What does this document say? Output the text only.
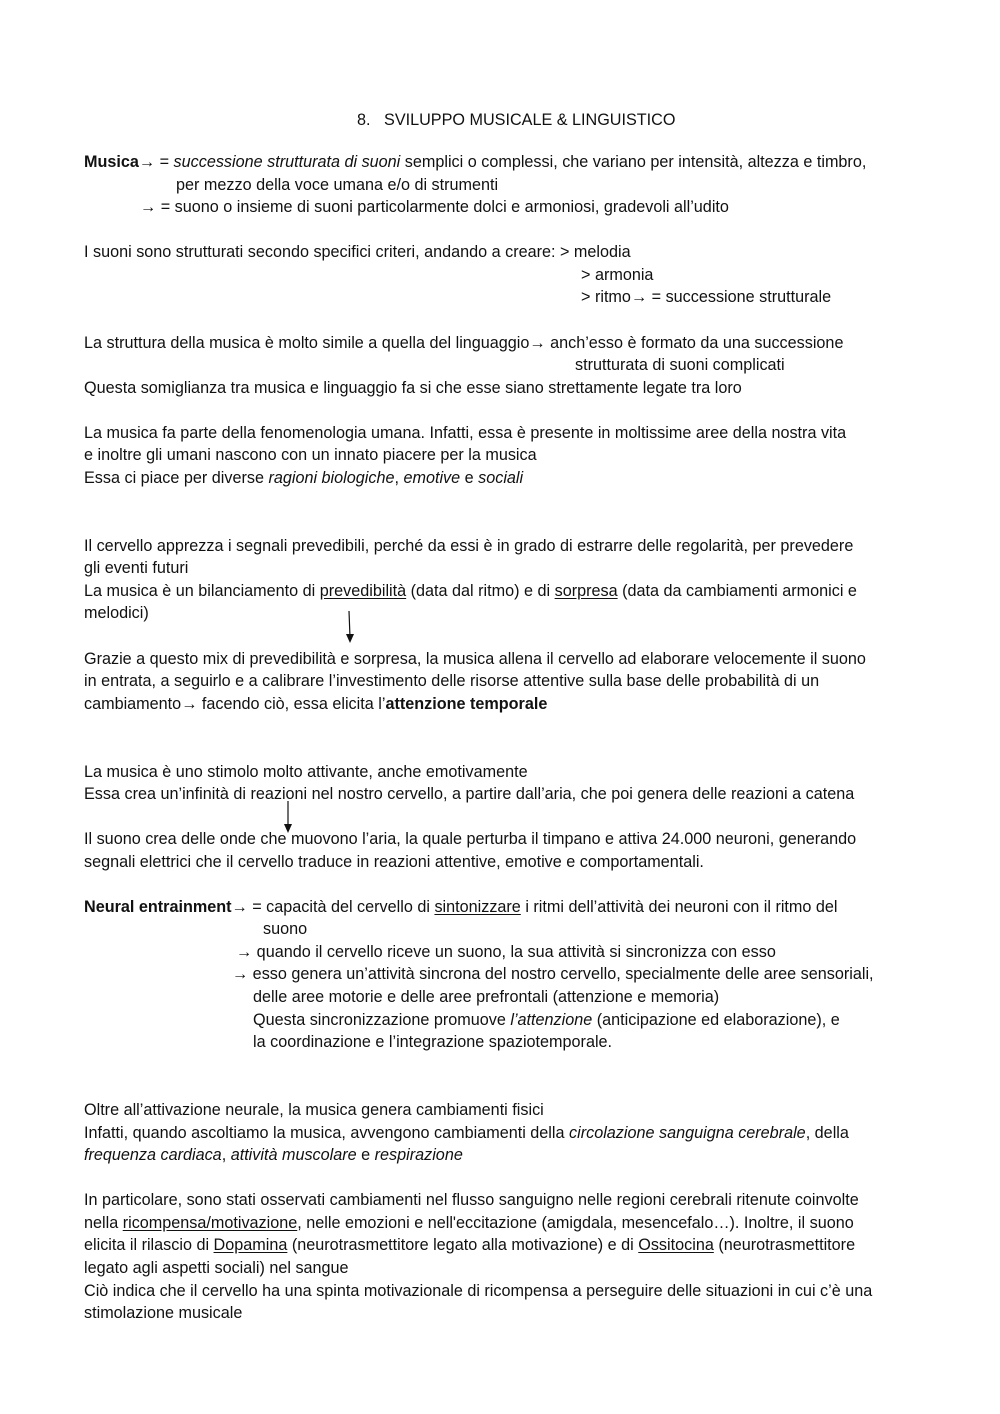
8. SVILUPPO MUSICALE & LINGUISTICO
Musica→ = successione strutturata di suoni semplici o complessi, che variano per intensità, altezza e timbro,
per mezzo della voce umana e/o di strumenti
→ = suono o insieme di suoni particolarmente dolci e armoniosi, gradevoli all’udito
I suoni sono strutturati secondo specifici criteri, andando a creare: > melodia
> armonia
> ritmo→ = successione strutturale
La struttura della musica è molto simile a quella del linguaggio→ anch’esso è formato da una successione
strutturata di suoni complicati
Questa somiglianza tra musica e linguaggio fa si che esse siano strettamente legate tra loro
La musica fa parte della fenomenologia umana. Infatti, essa è presente in moltissime aree della nostra vita
e inoltre gli umani nascono con un innato piacere per la musica
Essa ci piace per diverse ragioni biologiche, emotive e sociali
Il cervello apprezza i segnali prevedibili, perché da essi è in grado di estrarre delle regolarità, per prevedere
gli eventi futuri
La musica è un bilanciamento di prevedibilità (data dal ritmo) e di sorpresa (data da cambiamenti armonici e
melodici)
Grazie a questo mix di prevedibilità e sorpresa, la musica allena il cervello ad elaborare velocemente il suono
in entrata, a seguirlo e a calibrare l’investimento delle risorse attentive sulla base delle probabilità di un
cambiamento→ facendo ciò, essa elicita l’attenzione temporale
La musica è uno stimolo molto attivante, anche emotivamente
Essa crea un’infinità di reazioni nel nostro cervello, a partire dall’aria, che poi genera delle reazioni a catena
Il suono crea delle onde che muovono l’aria, la quale perturba il timpano e attiva 24.000 neuroni, generando
segnali elettrici che il cervello traduce in reazioni attentive, emotive e comportamentali.
Neural entrainment→ = capacità del cervello di sintonizzare i ritmi dell’attività dei neuroni con il ritmo del
suono
→ quando il cervello riceve un suono, la sua attività si sincronizza con esso
→ esso genera un’attività sincrona del nostro cervello, specialmente delle aree sensoriali,
delle aree motorie e delle aree prefrontali (attenzione e memoria)
Questa sincronizzazione promuove l’attenzione (anticipazione ed elaborazione), e
la coordinazione e l’integrazione spaziotemporale.
Oltre all’attivazione neurale, la musica genera cambiamenti fisici
Infatti, quando ascoltiamo la musica, avvengono cambiamenti della circolazione sanguigna cerebrale, della
frequenza cardiaca, attività muscolare e respirazione
In particolare, sono stati osservati cambiamenti nel flusso sanguigno nelle regioni cerebrali ritenute coinvolte
nella ricompensa/motivazione, nelle emozioni e nell'eccitazione (amigdala, mesencefalo…). Inoltre, il suono
elicita il rilascio di Dopamina (neurotrasmettitore legato alla motivazione) e di Ossitocina (neurotrasmettitore
legato agli aspetti sociali) nel sangue
Ciò indica che il cervello ha una spinta motivazionale di ricompensa a perseguire delle situazioni in cui c’è una
stimolazione musicale
